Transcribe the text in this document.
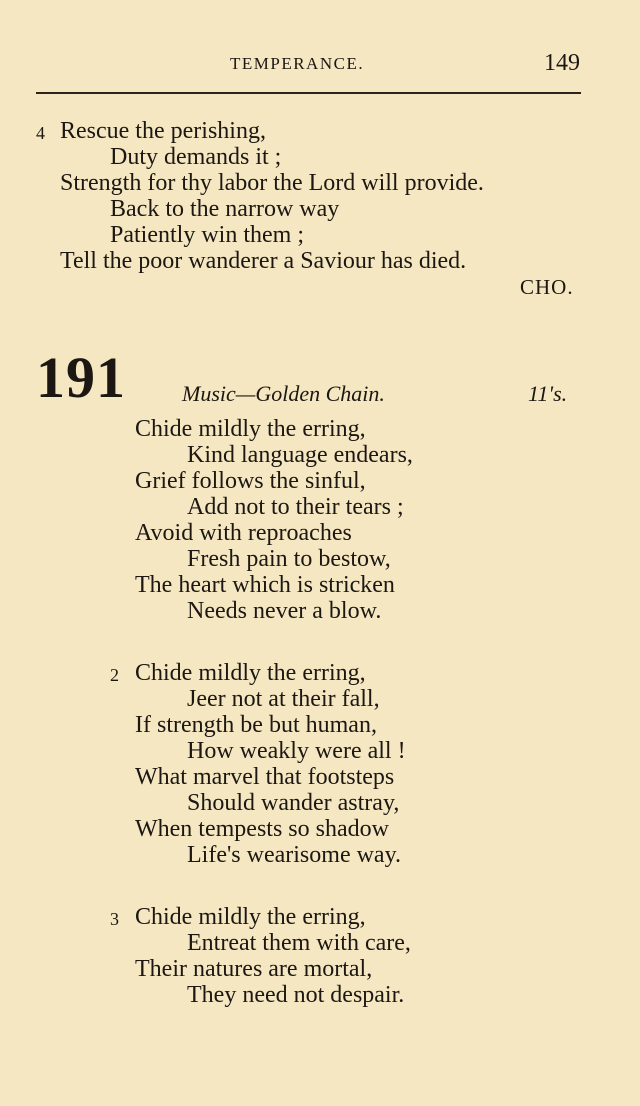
TEMPERANCE.	149
4 Rescue the perishing,
Duty demands it ;
Strength for thy labor the Lord will provide.
Back to the narrow way
Patiently win them ;
Tell the poor wanderer a Saviour has died.
CHO.
191	Music—Golden Chain.	11's.
Chide mildly the erring,
Kind language endears,
Grief follows the sinful,
Add not to their tears ;
Avoid with reproaches
Fresh pain to bestow,
The heart which is stricken
Needs never a blow.
2 Chide mildly the erring,
Jeer not at their fall,
If strength be but human,
How weakly were all !
What marvel that footsteps
Should wander astray,
When tempests so shadow
Life's wearisome way.
3 Chide mildly the erring,
Entreat them with care,
Their natures are mortal,
They need not despair.
